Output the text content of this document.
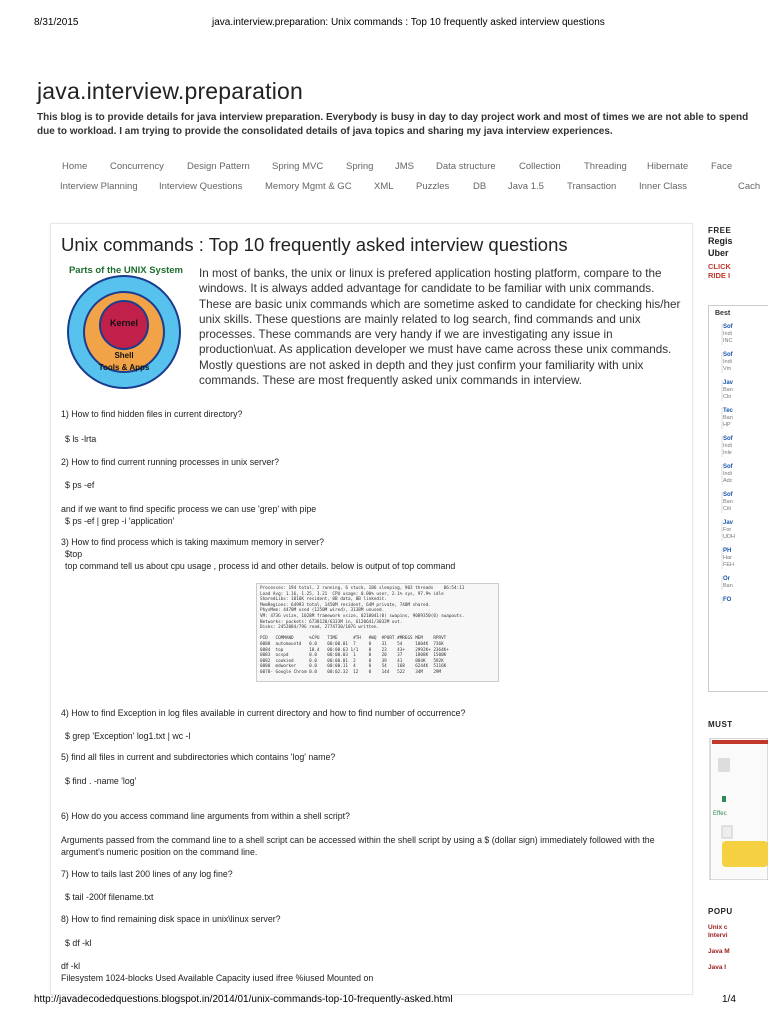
8/31/2015	java.interview.preparation: Unix commands : Top 10 frequently asked interview questions
http://javadecodedquestions.blogspot.in/2014/01/unix-commands-top-10-frequently-asked.html	1/4
java.interview.preparation
This blog is to provide details for java interview preparation. Everybody is busy in day to day project work and most of times we are not able to spend
due to workload. I am trying to provide the consolidated details of java topics and sharing my java interview experiences.
Home Concurrency Design Pattern Spring MVC Spring JMS Data structure Collection Threading Hibernate Face
Interview Planning Interview Questions Memory Mgmt & GC XML Puzzles DB Java 1.5 Transaction Inner Class	Cach
Unix commands : Top 10 frequently asked interview questions
Parts of the UNIX System
Kernel
Shell
Tools & Apps
In most of banks, the unix or linux is prefered application hosting platform, compare to the windows. It is always added advantage for candidate to be familiar with unix commands. These are basic unix commands which are sometime asked to candidate for checking his/her unix skills. These questions are mainly related to log search, find commands and unix processes. These commands are very handy if we are investigating any issue in production\uat. As application developer we must have came across these unix commands. Mostly questions are not asked in depth and they just confirm your familiarity with unix commands. These are most frequently asked unix commands in interview.
1) How to find hidden files in current directory?
$ ls -lrta
2) How to find current running processes in unix server?
$ ps -ef
and if we want to find specific process we can use 'grep' with pipe
$ ps -ef | grep -i 'application'
3) How to find process which is taking maximum memory in server?
$top
top command tell us about cpu usage , process id and other details. below is output of top command
Processes: 194 total, 2 running, 6 stuck, 186 sleeping, 903 threads    06:54:11
Load Avg: 1.16, 1.25, 1.21  CPU usage: 0.00% user, 2.1% sys, 97.9% idle
SharedLibs: 1016K resident, 0B data, 0B linkedit.
MemRegions: 64993 total, 1450M resident, 64M private, 740M shared.
PhysMem: 4470M used (1250M wired), 3138M unused.
VM: 473G vsize, 1028M framework vsize, 0210041(0) swapins, 9089350(0) swapouts.
Networks: packets: 6738120/6333M in, 6120641/3032M out.
Disks: 2452084/79G read, 2774730/107G written.

PID   COMMAND      %CPU   TIME      #TH   #WQ  #PORT #MREGS MEM    RPRVT
0088  automountd   0.0    00:00.01  7     0    31    54     1004K  736K
0084  top          10.4   00:00.63 1/1    0    23    43+    2992K+ 2364K+
0083  ocspd        0.0    00:00.03  1     0    20    37     1808K  1500K
0082  cookied      0.0    00:00.01  2     0    39    41     884K   592K
0080  mdworker     0.0    00:00.11  4     0    54    168    6244K  5116K
0078- Google Chrom 0.0    00:02.32  12    0    144   522    34M    29M
4) How to find Exception in log files available in current directory and how to find number of occurrence?
$ grep 'Exception' log1.txt | wc -l
5) find all files in current and subdirectories which contains 'log' name?
$ find . -name 'log'
6) How do you access command line arguments from within a shell script?
Arguments passed from the command line to a shell script can be accessed within the shell script by using a $ (dollar sign) immediately followed with the argument's numeric position on the command line.
7) How to tails last 200 lines of any log fine?
$ tail -200f filename.txt
8) How to find remaining disk space in unix\linux server?
$ df -kl
df -kl
Filesystem 1024-blocks Used Available Capacity iused ifree %iused Mounted on
FREE
Regis
Uber
CLICK
RIDE I
Best
Sof
Indi
INC
Sof
Indi
Vm
Jav
Ban
Clo
Tec
Ban
HP
Sof
Indi
Inle
Sof
Indi
Adc
Sof
Ban
Citi
Jav
For
UDH
PH
Har
FEH
Or
Ban
FO
MUST
Effec
POPU
Unix c
Intervi
Java M
Java I
